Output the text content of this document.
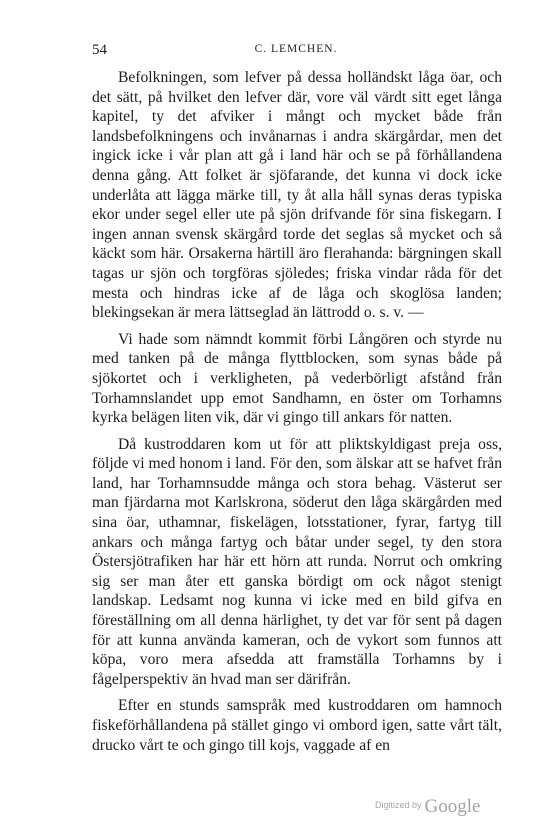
54	C. LEMCHEN.

Befolkningen, som lefver på dessa holländskt låga öar, och det sätt, på hvilket den lefver där, vore väl värdt sitt eget långa kapitel, ty det afviker i mångt och mycket både från landsbefolkningens och invånarnas i andra skärgårdar, men det ingick icke i vår plan att gå i land här och se på förhållandena denna gång. Att folket är sjöfarande, det kunna vi dock icke underlåta att lägga märke till, ty åt alla håll synas deras typiska ekor under segel eller ute på sjön drifvande för sina fiskegarn. I ingen annan svensk skärgård torde det seglas så mycket och så käckt som här. Orsakerna härtill äro flerahanda: bärgningen skall tagas ur sjön och torgföras sjöledes; friska vindar råda för det mesta och hindras icke af de låga och skoglösa landen; blekingsekan är mera lättseglad än lättrodd o. s. v. —

Vi hade som nämndt kommit förbi Långören och styrde nu med tanken på de många flyttblocken, som synas både på sjökortet och i verkligheten, på vederbörligt afstånd från Torhamnslandet upp emot Sandhamn, en öster om Torhamns kyrka belägen liten vik, där vi gingo till ankars för natten.

Då kustroddaren kom ut för att pliktskyldigast preja oss, följde vi med honom i land. För den, som älskar att se hafvet från land, har Torhamnsudde många och stora behag. Västerut ser man fjärdarna mot Karlskrona, söderut den låga skärgården med sina öar, uthamnar, fiskelägen, lotsstationer, fyrar, fartyg till ankars och många fartyg och båtar under segel, ty den stora Östersjötrafiken har här ett hörn att runda. Norrut och omkring sig ser man åter ett ganska bördigt om ock något stenigt landskap. Ledsamt nog kunna vi icke med en bild gifva en föreställning om all denna härlighet, ty det var för sent på dagen för att kunna använda kameran, och de vykort som funnos att köpa, voro mera afsedda att framställa Torhamns by i fågelperspektiv än hvad man ser därifrån.

Efter en stunds samspråk med kustroddaren om hamnoch fiskeförhållandena på stället gingo vi ombord igen, satte vårt tält, drucko vårt te och gingo till kojs, vaggade af en

$^{Digitized by}$ Google
